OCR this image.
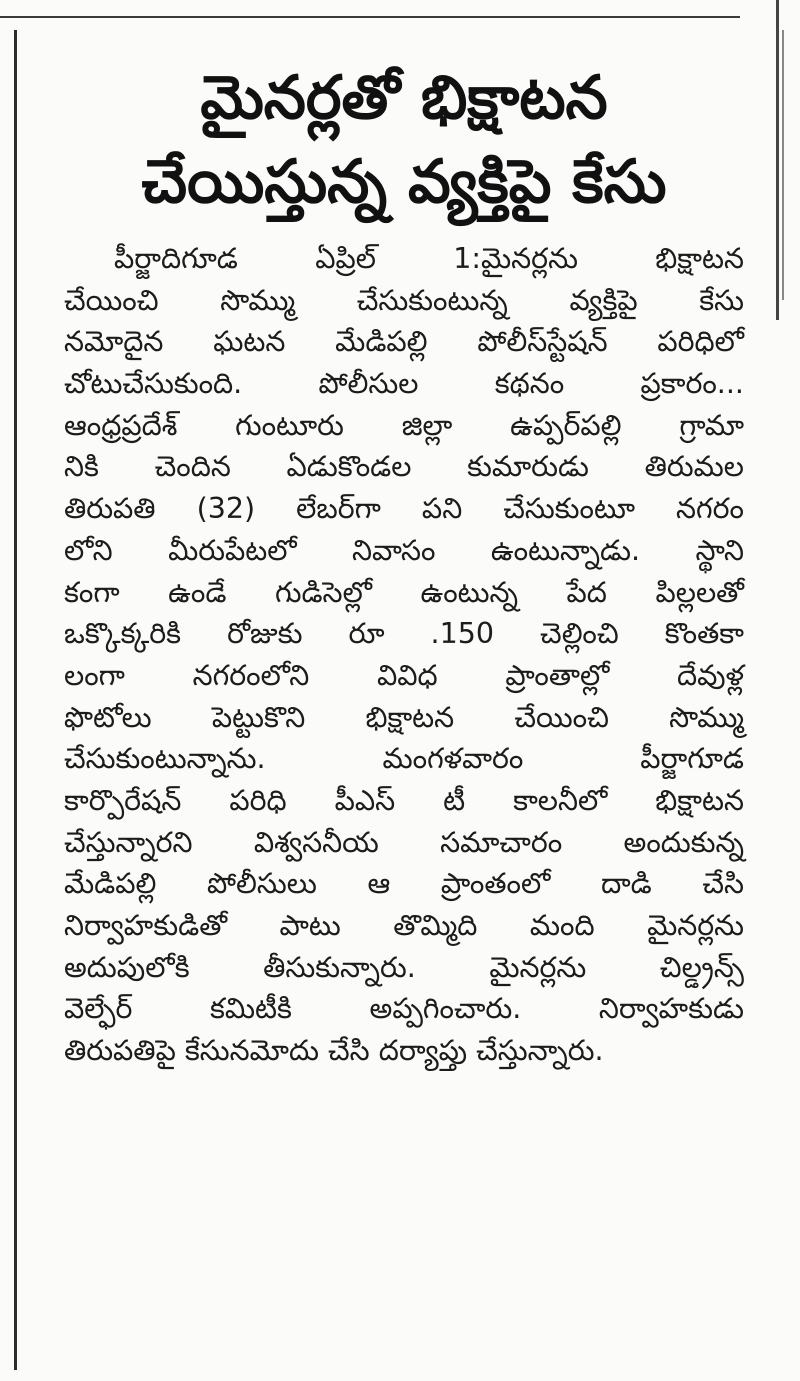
మైనర్లతో భిక్షాటన
చేయిస్తున్న వ్యక్తిపై కేసు
పీర్జాదిగూడ ఏప్రిల్ 1:మైనర్లను భిక్షాటన
చేయించి సొమ్ము చేసుకుంటున్న వ్యక్తిపై కేసు
నమోదైన ఘటన మేడిపల్లి పోలీస్‌స్టేషన్ పరిధిలో
చోటుచేసుకుంది. పోలీసుల కథనం ప్రకారం...
ఆంధ్రప్రదేశ్ గుంటూరు జిల్లా ఉప్పర్‌పల్లి గ్రామా
నికి చెందిన ఏడుకొండల కుమారుడు తిరుమల
తిరుపతి (32) లేబర్‌గా పని చేసుకుంటూ నగరం
లోని మీరుపేటలో నివాసం ఉంటున్నాడు. స్థాని
కంగా ఉండే గుడిసెల్లో ఉంటున్న పేద పిల్లలతో
ఒక్కొక్కరికి రోజుకు రూ .150 చెల్లించి కొంతకా
లంగా నగరంలోని వివిధ ప్రాంతాల్లో దేవుళ్ల
ఫొటోలు పెట్టుకొని భిక్షాటన చేయించి సొమ్ము
చేసుకుంటున్నాను. మంగళవారం పీర్జాగూడ
కార్పొరేషన్ పరిధి పీఎస్ టీ కాలనీలో భిక్షాటన
చేస్తున్నారని విశ్వసనీయ సమాచారం అందుకున్న
మేడిపల్లి పోలీసులు ఆ ప్రాంతంలో దాడి చేసి
నిర్వాహకుడితో పాటు తొమ్మిది మంది మైనర్లను
అదుపులోకి తీసుకున్నారు. మైనర్లను చిల్డ్రన్స్
వెల్ఫేర్ కమిటీకి అప్పగించారు. నిర్వాహకుడు
తిరుపతిపై కేసునమోదు చేసి దర్యాప్తు చేస్తున్నారు.
